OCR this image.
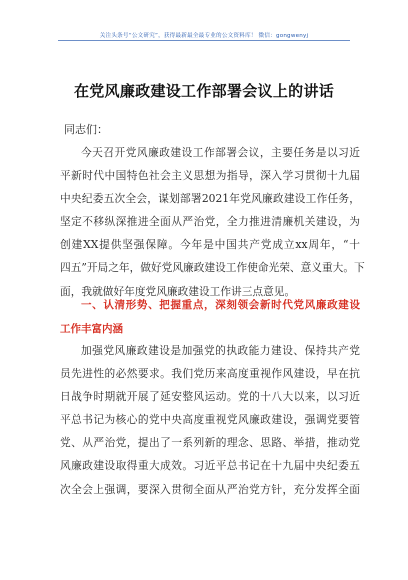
关注头条号“公文研究”，获得最新最全最专业的公文资料库！ 微信：gongwenyj
在党风廉政建设工作部署会议上的讲话
同志们：
今天召开党风廉政建设工作部署会议，主要任务是以习近
平新时代中国特色社会主义思想为指导，深入学习贯彻十九届
中央纪委五次全会，谋划部署2021年党风廉政建设工作任务，
坚定不移纵深推进全面从严治党，全力推进清廉机关建设，为
创建XX提供坚强保障。今年是中国共产党成立xx周年，“十
四五”开局之年，做好党风廉政建设工作使命光荣、意义重大。下
面，我就做好年度党风廉政建设工作讲三点意见。
一、认清形势、把握重点，深刻领会新时代党风廉政建设
工作丰富内涵
加强党风廉政建设是加强党的执政能力建设、保持共产党
员先进性的必然要求。我们党历来高度重视作风建设，早在抗
日战争时期就开展了延安整风运动。党的十八大以来，以习近
平总书记为核心的党中央高度重视党风廉政建设，强调党要管
党、从严治党，提出了一系列新的理念、思路、举措，推动党
风廉政建设取得重大成效。习近平总书记在十九届中央纪委五
次全会上强调，要深入贯彻全面从严治党方针，充分发挥全面
